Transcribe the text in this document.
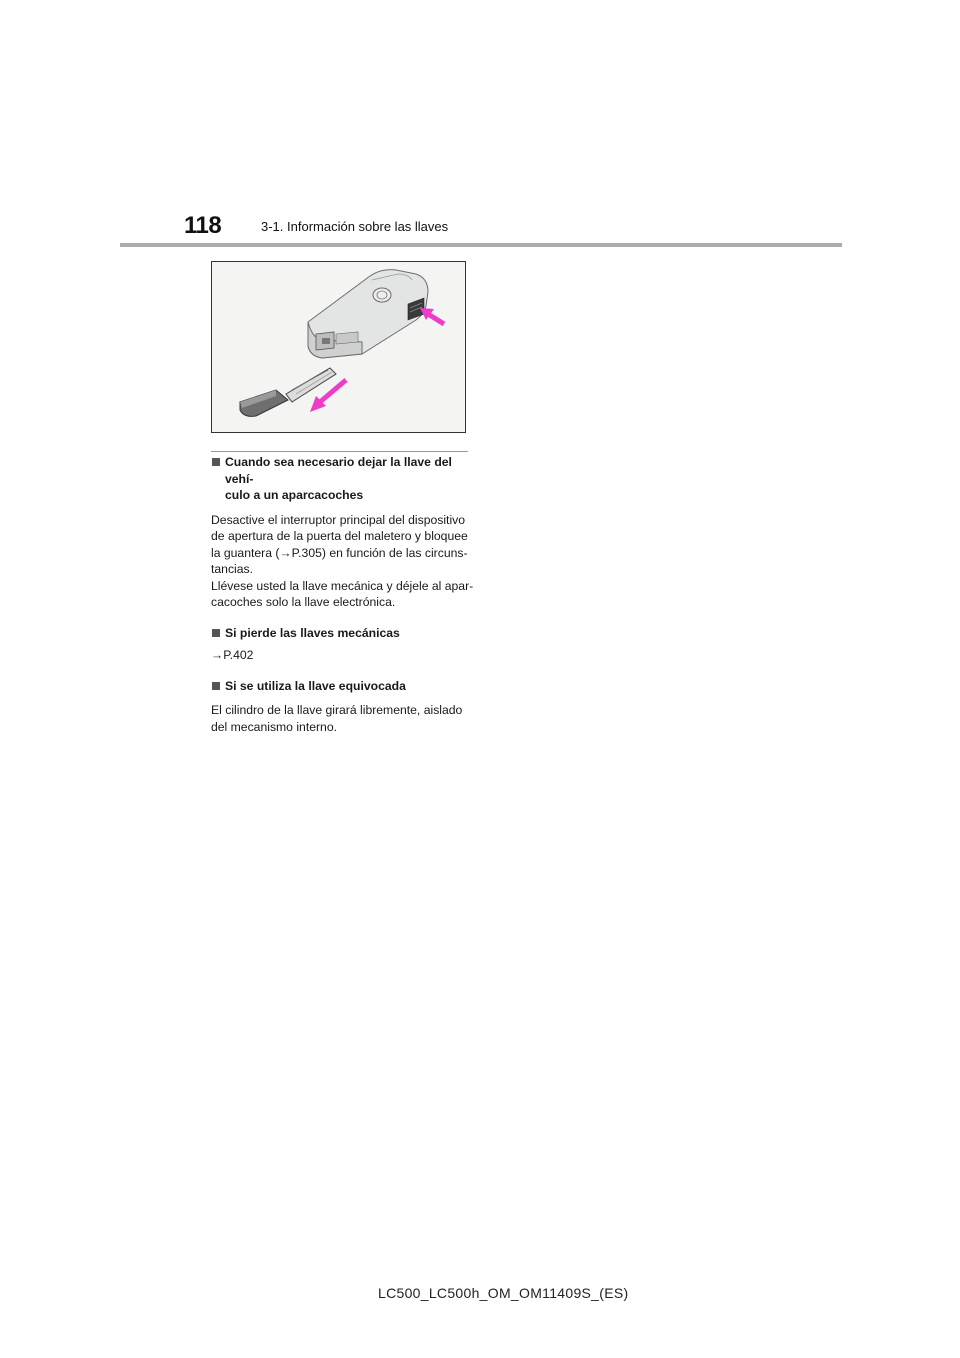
118	3-1. Información sobre las llaves
Cuando sea necesario dejar la llave del vehí-
culo a un aparcacoches
Desactive el interruptor principal del dispositivo
de apertura de la puerta del maletero y bloquee
la guantera (→P.305) en función de las circuns-
tancias.
Llévese usted la llave mecánica y déjele al apar-
cacoches solo la llave electrónica.
Si pierde las llaves mecánicas
→P.402
Si se utiliza la llave equivocada
El cilindro de la llave girará libremente, aislado
del mecanismo interno.
LC500_LC500h_OM_OM11409S_(ES)
